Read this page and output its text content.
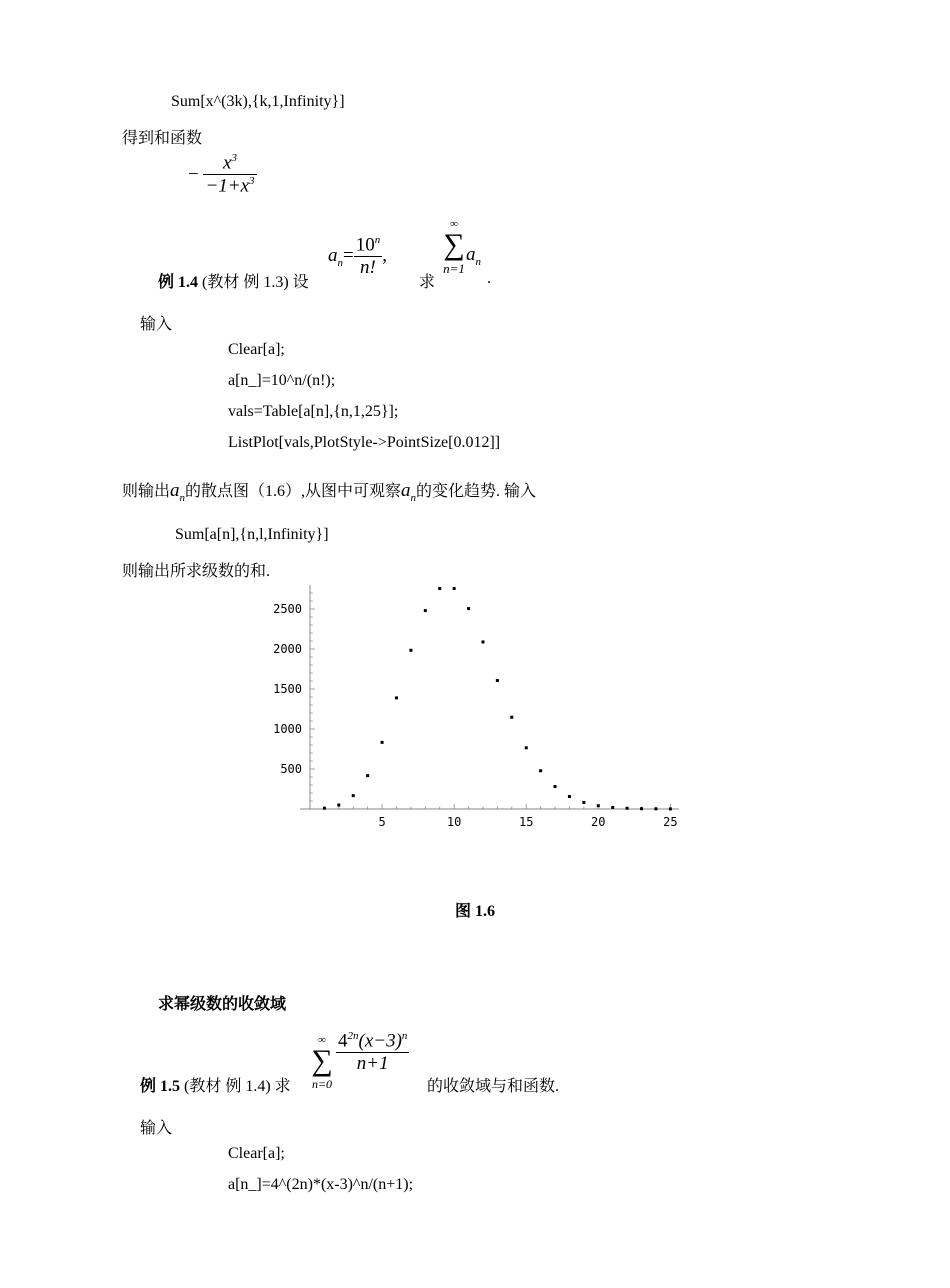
Sum[x^(3k),{k,1,Infinity}]
得到和函数
− $\frac{x^3}{-1+x^3}$
例 1.4 (教材 例 1.3) 设
$a_n= \frac{10^n}{n!}$ ,
求
∞
∑
n=1
$a_n$
.
输入
Clear[a];
a[n_]=10^n/(n!);
vals=Table[a[n],{n,1,25}];
ListPlot[vals,PlotStyle->PointSize[0.012]]
则输出$a_n$的散点图（1.6）,从图中可观察$a_n$的变化趋势. 输入
Sum[a[n],{n,l,Infinity}]
则输出所求级数的和.
5	10	15	20	25
500
1000
1500
2000
2500
图 1.6
求幂级数的收敛域
例 1.5 (教材 例 1.4) 求
∞
∑
n=0
$\frac{4^{2n}(x-3)^n}{n+1}$
的收敛域与和函数.
输入
Clear[a];
a[n_]=4^(2n)*(x-3)^n/(n+1);
